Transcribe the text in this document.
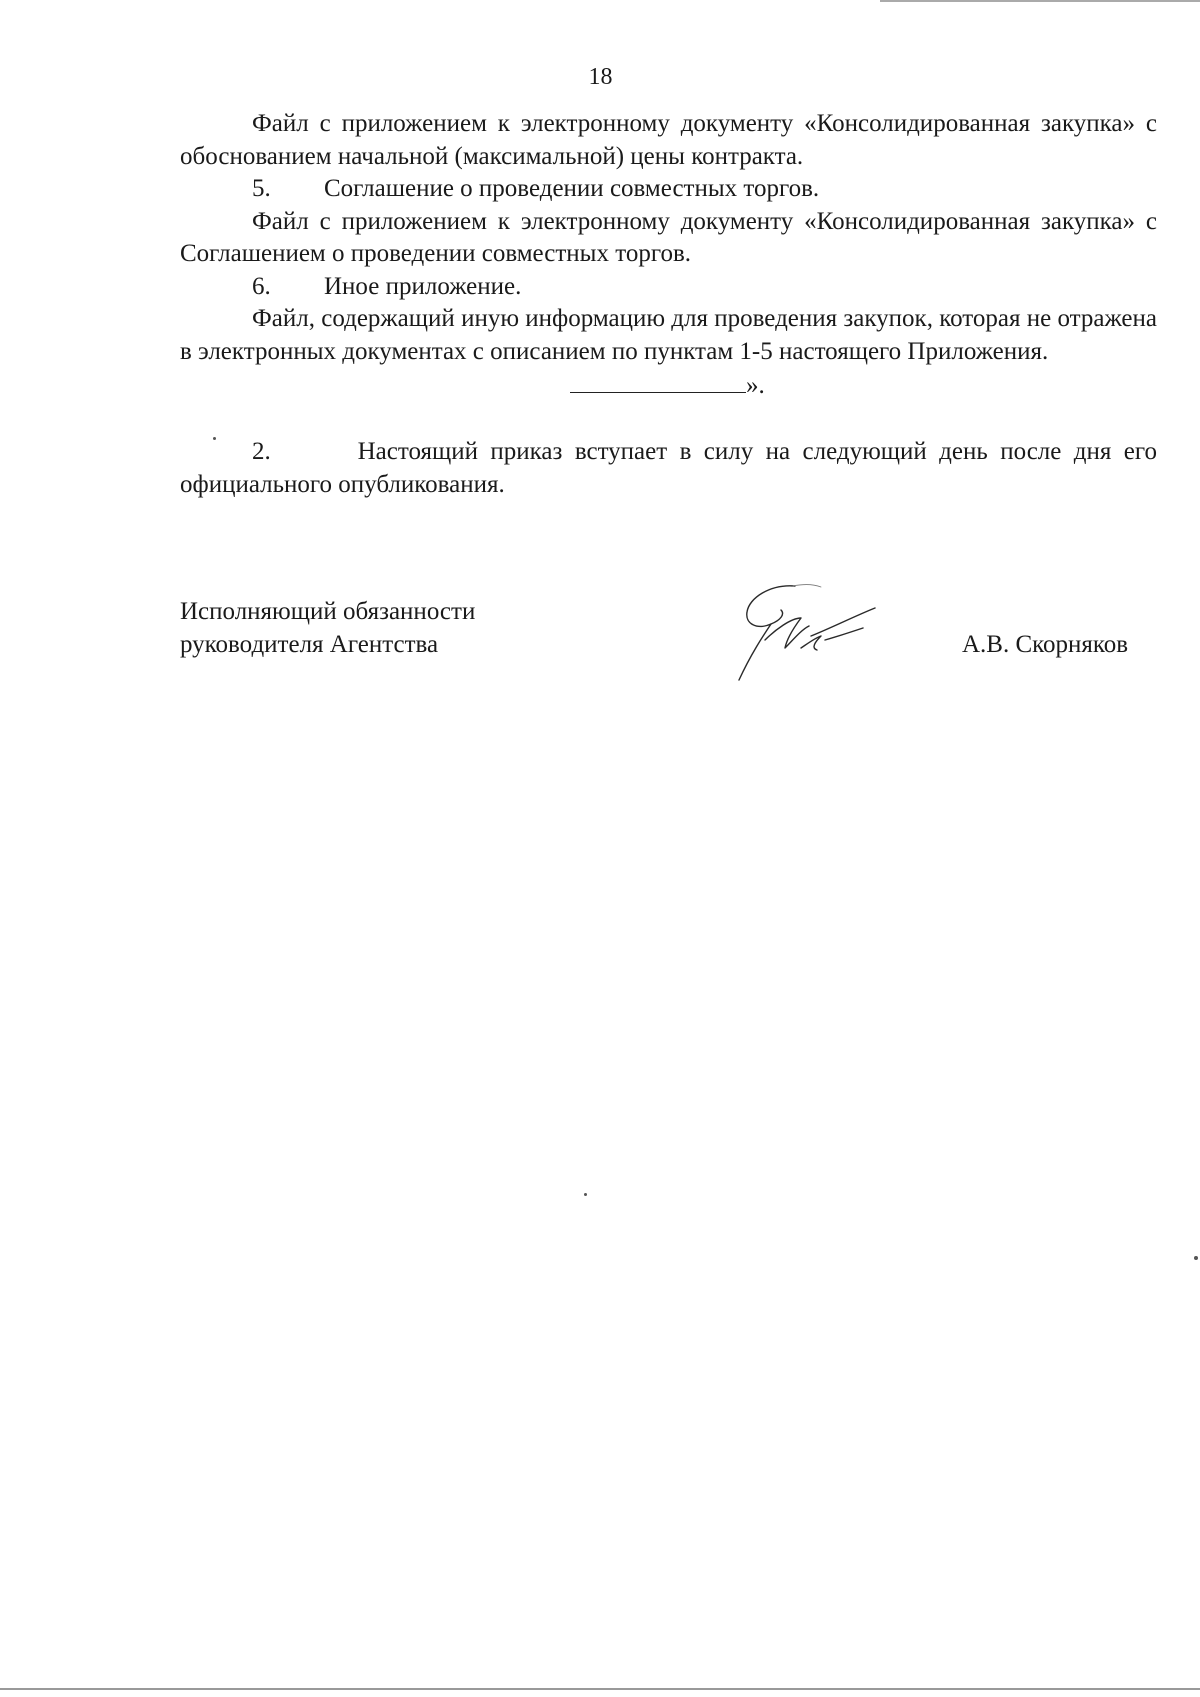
18

Файл с приложением к электронному документу «Консолидированная закупка» с обоснованием начальной (максимальной) цены контракта.

5.	Соглашение о проведении совместных торгов.

Файл с приложением к электронному документу «Консолидированная закупка» с Соглашением о проведении совместных торгов.

6.	Иное приложение.

Файл, содержащий иную информацию для проведения закупок, которая не отражена в электронных документах с описанием по пунктам 1-5 настоящего Приложения.

».

2.	Настоящий приказ вступает в силу на следующий день после дня его официального опубликования.

Исполняющий обязанности
руководителя Агентства	А.В. Скорняков
